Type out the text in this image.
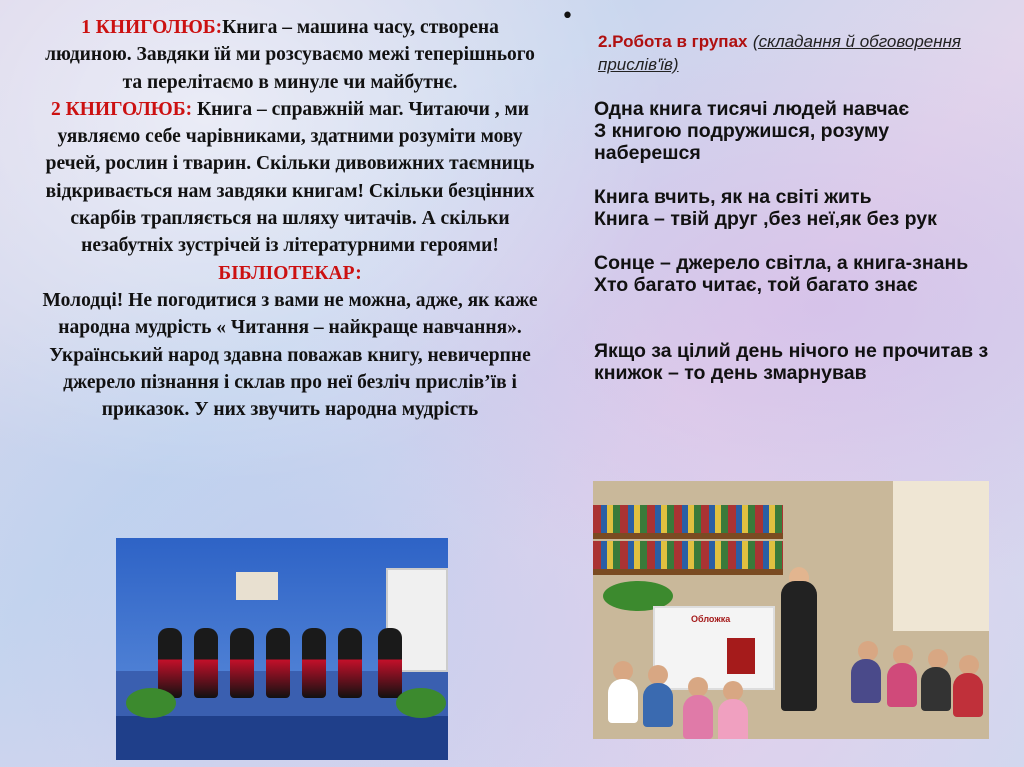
1 КНИГОЛЮБ:Книга – машина часу, створена людиною. Завдяки їй ми розсуваємо межі теперішнього та перелітаємо в минуле чи майбутнє.
2 КНИГОЛЮБ: Книга – справжній маг. Читаючи , ми уявляємо себе чарівниками, здатними розуміти мову речей, рослин і тварин. Скільки дивовижних таємниць відкривається нам завдяки книгам! Скільки безцінних скарбів трапляється на шляху читачів. А скільки незабутніх зустрічей із літературними героями!
БІБЛІОТЕКАР:
Молодці! Не погодитися з вами не можна, адже, як каже народна мудрість « Читання – найкраще навчання». Український народ здавна поважав книгу, невичерпне джерело пізнання і склав про неї безліч прислів’їв і приказок. У них звучить народна мудрість
•
2.Робота в групах (складання й обговорення прислів'їв)
Одна книга тисячі людей навчає
З книгою подружишся, розуму наберешся
Книга вчить, як на світі жить
Книга – твій друг ,без неї,як без рук
Сонце – джерело світла, а книга-знань
Хто багато читає, той багато знає
Якщо за цілий день нічого не прочитав з книжок – то день змарнував
Обложка
